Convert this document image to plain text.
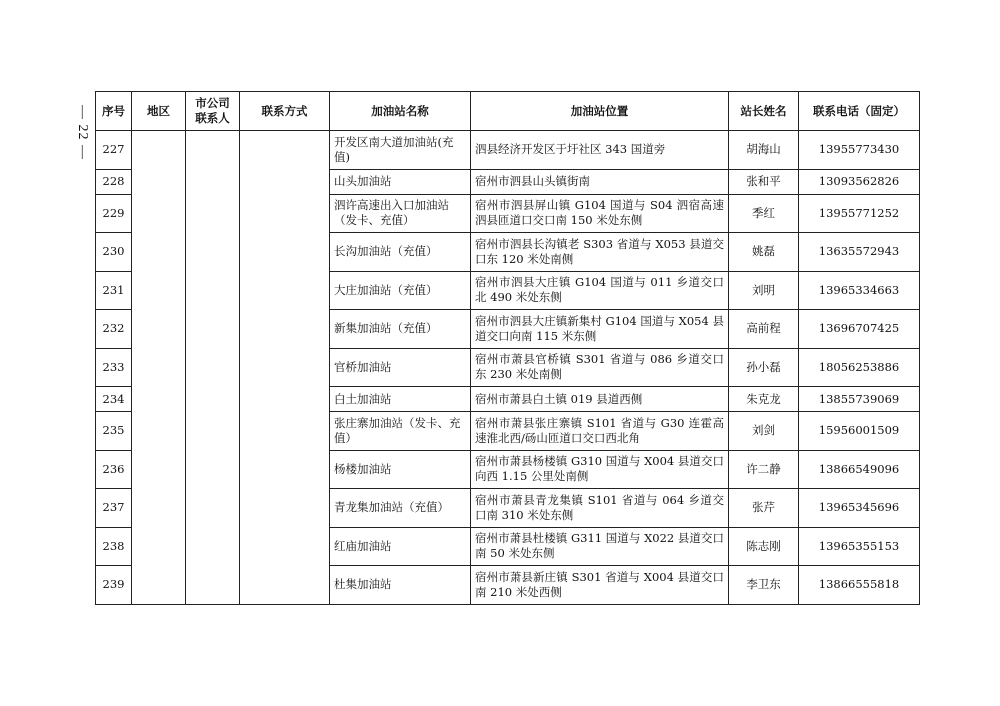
— 22 — 序号	地区	市公司联系人	联系方式	加油站名称	加油站位置	站长姓名	联系电话（固定）
227				开发区南大道加油站(充值)	泗县经济开发区于圩社区 343 国道旁	胡海山	13955773430
228				山头加油站	宿州市泗县山头镇街南	张和平	13093562826
229				泗许高速出入口加油站（发卡、充值）	宿州市泗县屏山镇 G104 国道与 S04 泗宿高速泗县匝道口交口南 150 米处东侧	季红	13955771252
230				长沟加油站（充值）	宿州市泗县长沟镇老 S303 省道与 X053 县道交口东 120 米处南侧	姚磊	13635572943
231				大庄加油站（充值）	宿州市泗县大庄镇 G104 国道与 011 乡道交口北 490 米处东侧	刘明	13965334663
232				新集加油站（充值）	宿州市泗县大庄镇新集村 G104 国道与 X054 县道交口向南 115 米东侧	高前程	13696707425
233				官桥加油站	宿州市萧县官桥镇 S301 省道与 086 乡道交口东 230 米处南侧	孙小磊	18056253886
234				白土加油站	宿州市萧县白土镇 019 县道西侧	朱克龙	13855739069
235				张庄寨加油站（发卡、充值）	宿州市萧县张庄寨镇 S101 省道与 G30 连霍高速淮北西/砀山匝道口交口西北角	刘剑	15956001509
236				杨楼加油站	宿州市萧县杨楼镇 G310 国道与 X004 县道交口向西 1.15 公里处南侧	许二静	13866549096
237				青龙集加油站（充值）	宿州市萧县青龙集镇 S101 省道与 064 乡道交口南 310 米处东侧	张芹	13965345696
238				红庙加油站	宿州市萧县杜楼镇 G311 国道与 X022 县道交口南 50 米处东侧	陈志刚	13965355153
239				杜集加油站	宿州市萧县新庄镇 S301 省道与 X004 县道交口南 210 米处西侧	李卫东	13866555818
